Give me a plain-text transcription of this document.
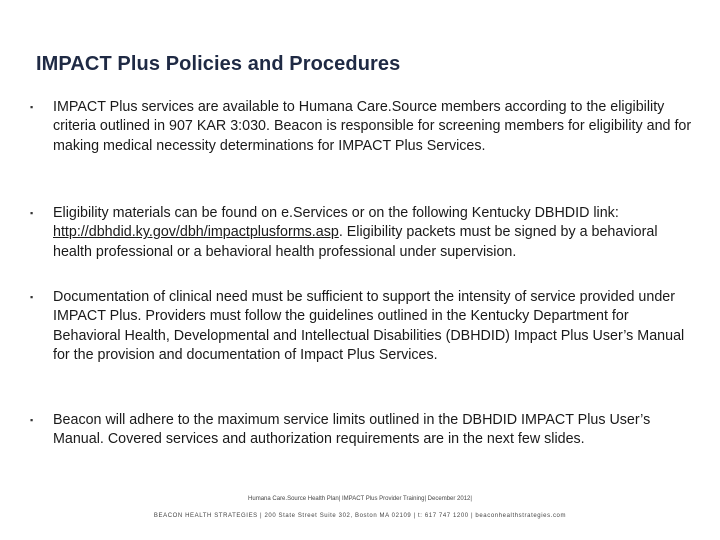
IMPACT Plus Policies and Procedures
▪	IMPACT Plus services are available to Humana Care.Source members according to the eligibility criteria outlined in 907 KAR 3:030. Beacon is responsible for screening members for eligibility and for making medical necessity determinations for IMPACT Plus Services.
▪	Eligibility materials can be found on e.Services or on the following Kentucky DBHDID link: http://dbhdid.ky.gov/dbh/impactplusforms.asp. Eligibility packets must be signed by a behavioral health professional or a behavioral health professional under supervision.
▪	Documentation of clinical need must be sufficient to support the intensity of service provided under IMPACT Plus. Providers must follow the guidelines outlined in the Kentucky Department for Behavioral Health, Developmental and Intellectual Disabilities (DBHDID) Impact Plus User’s Manual for the provision and documentation of Impact Plus Services.
▪	Beacon will adhere to the maximum service limits outlined in the DBHDID IMPACT Plus User’s Manual. Covered services and authorization requirements are in the next few slides.
Humana Care.Source Health Plan| IMPACT Plus Provider Training| December 2012|
BEACON HEALTH STRATEGIES | 200 State Street Suite 302, Boston MA 02109 | t: 617 747 1200 | beaconhealthstrategies.com
